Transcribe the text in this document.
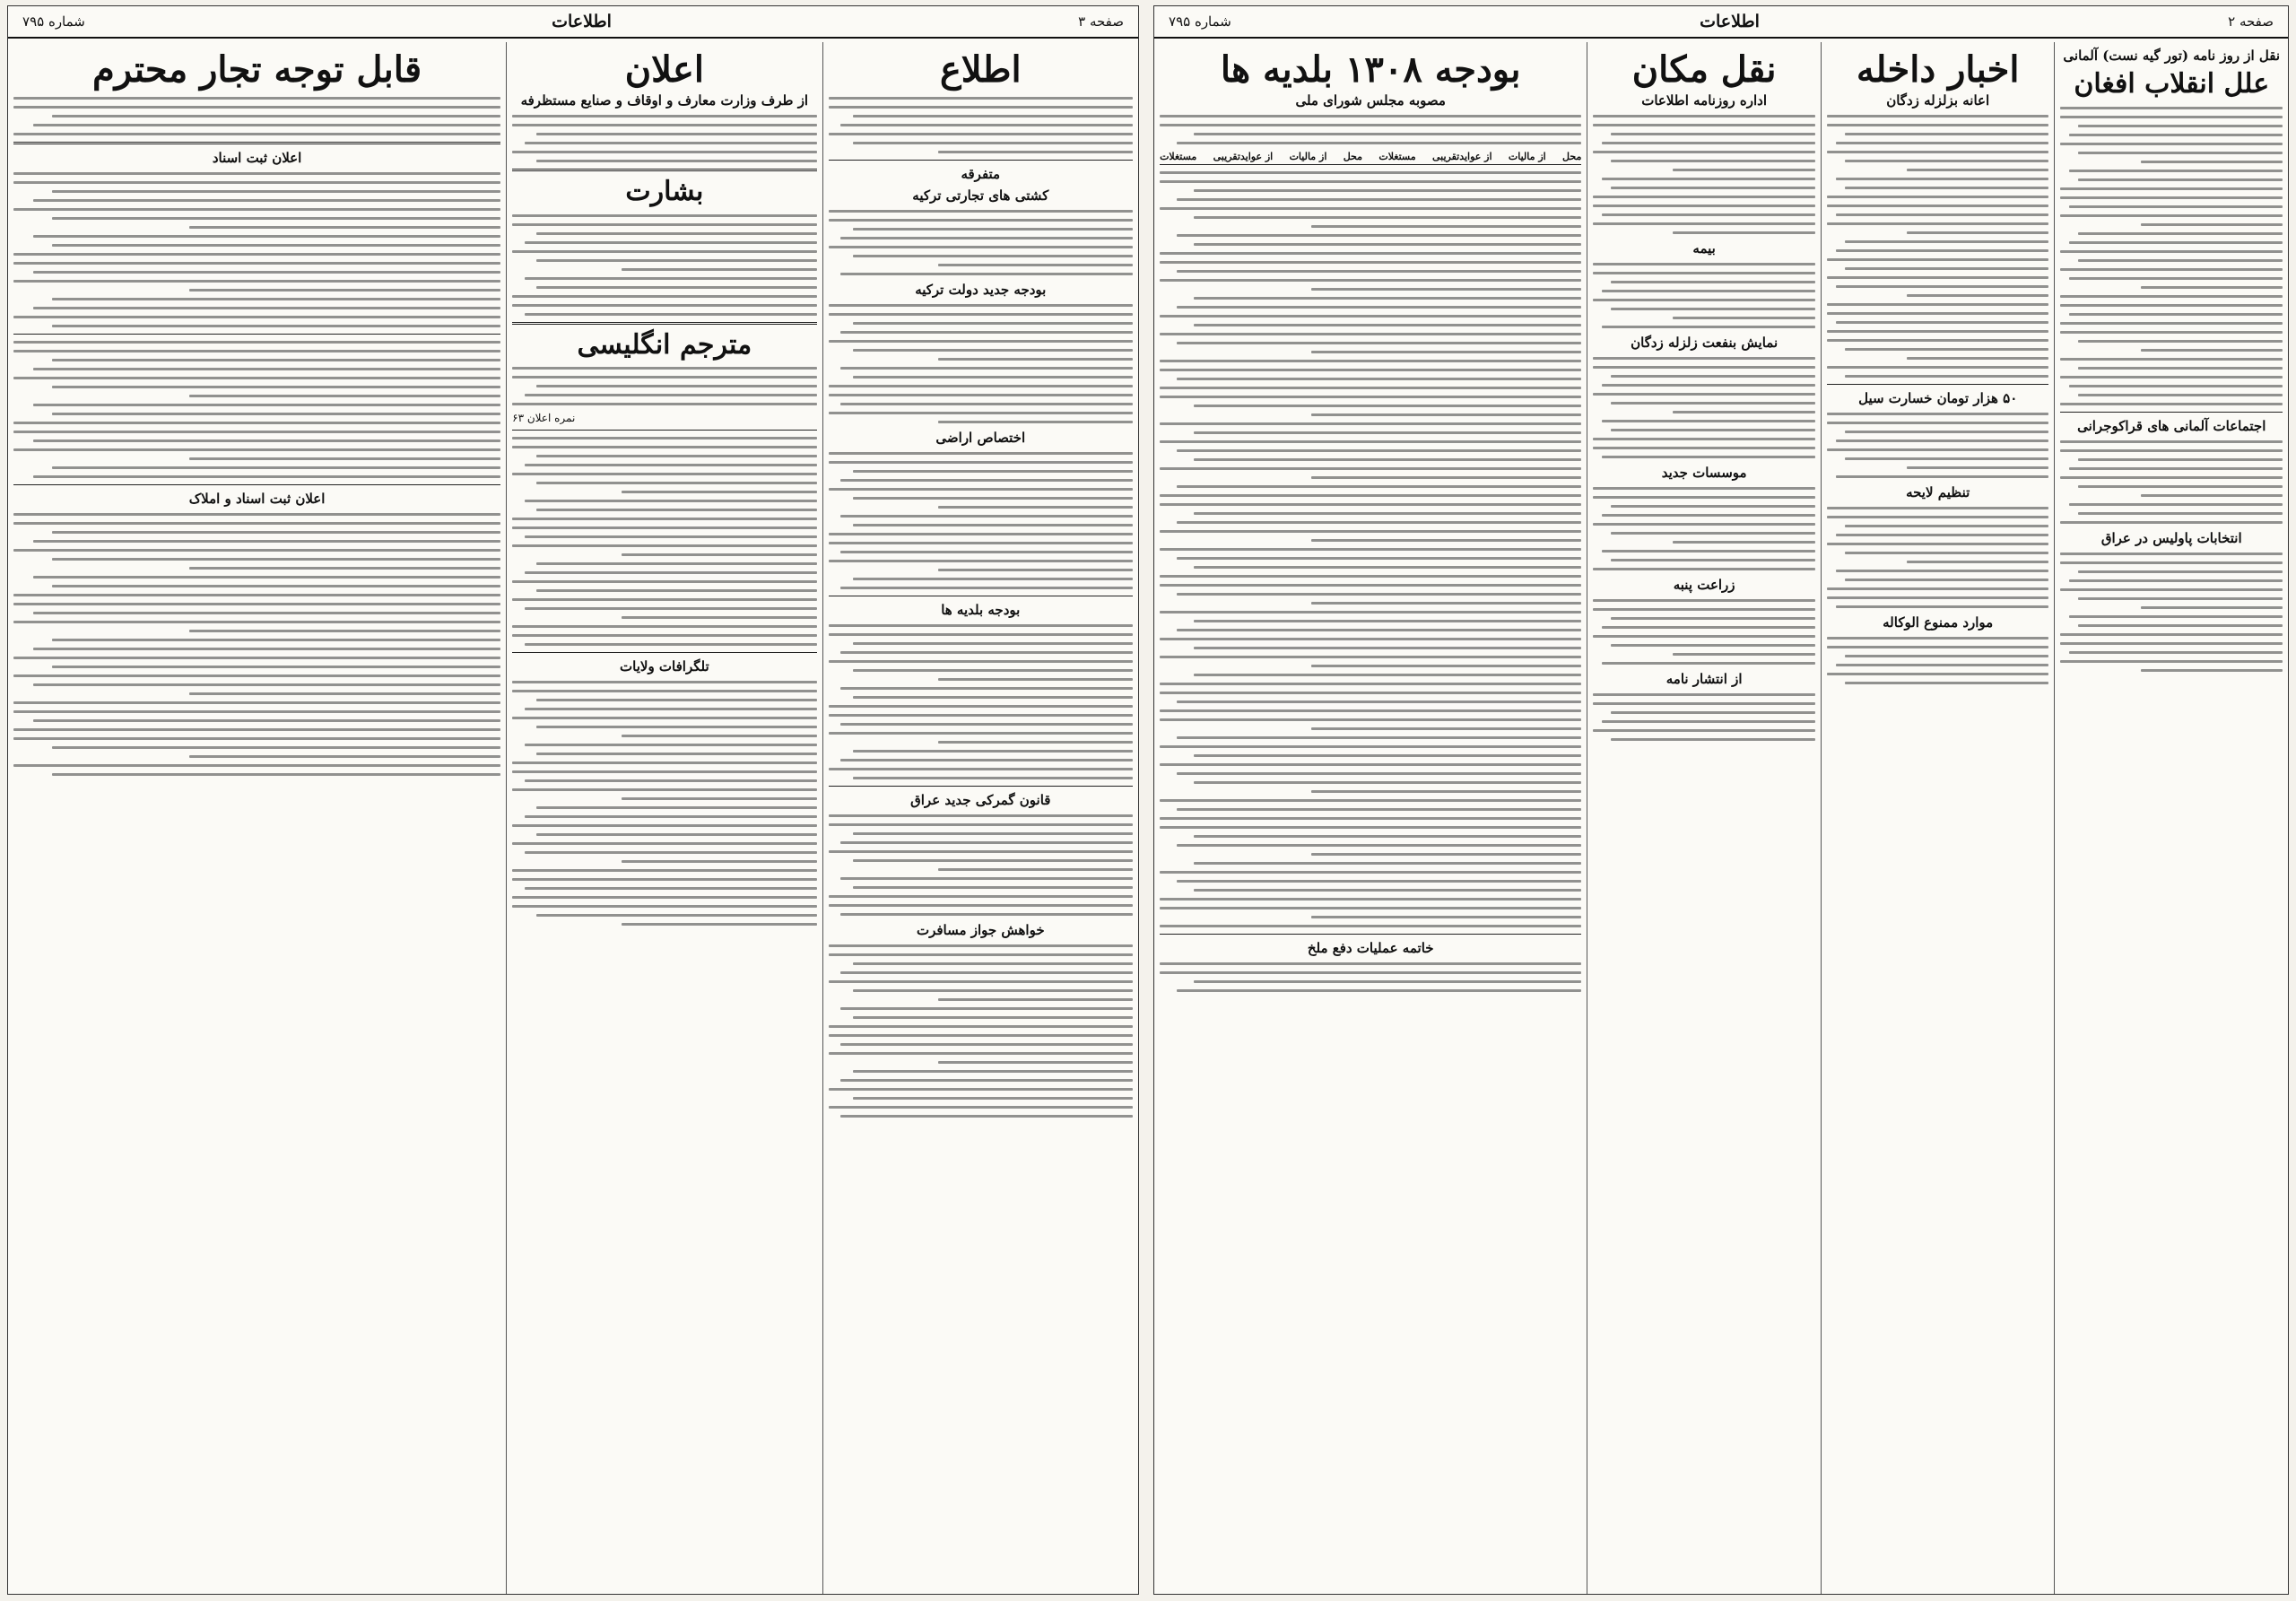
صفحه ۳
اطلاعات
شماره ۷۹۵
اطلاع
متفرقه
کشتی های تجارتی ترکیه
بودجه جدید دولت ترکیه
اختصاص اراضی
بودجه بلدیه ها
قانون گمرکی جدید عراق
خواهش جواز مسافرت
اعلان
از طرف وزارت معارف و اوقاف و صنایع مستظرفه
بشارت
مترجم انگلیسی
نمره اعلان ۶۳
تلگرافات ولایات
قابل توجه تجار محترم
اعلان ثبت اسناد
اعلان ثبت اسناد و املاک
صفحه ۲
اطلاعات
شماره ۷۹۵
نقل از روز نامه (تور گیه نست) آلمانی
علل انقلاب افغان
اجتماعات آلمانی های قراکوجرانی
انتخابات پاولیس در عراق
اخبار داخله
اعانه بزلزله زدگان
۵۰ هزار تومان خسارت سیل
تنظیم لایحه
موارد ممنوع الوکاله
نقل مکان
اداره روزنامه اطلاعات
بیمه
نمایش بنفعت زلزله زدگان
موسسات جدید
زراعت پنبه
از انتشار نامه
بودجه ۱۳۰۸ بلدیه ها
مصوبه مجلس شورای ملی
محل
از مالیات
از عوایدتقریبی
مستغلات
محل
از مالیات
از عوایدتقریبی
مستغلات
خاتمه عملیات دفع ملخ
